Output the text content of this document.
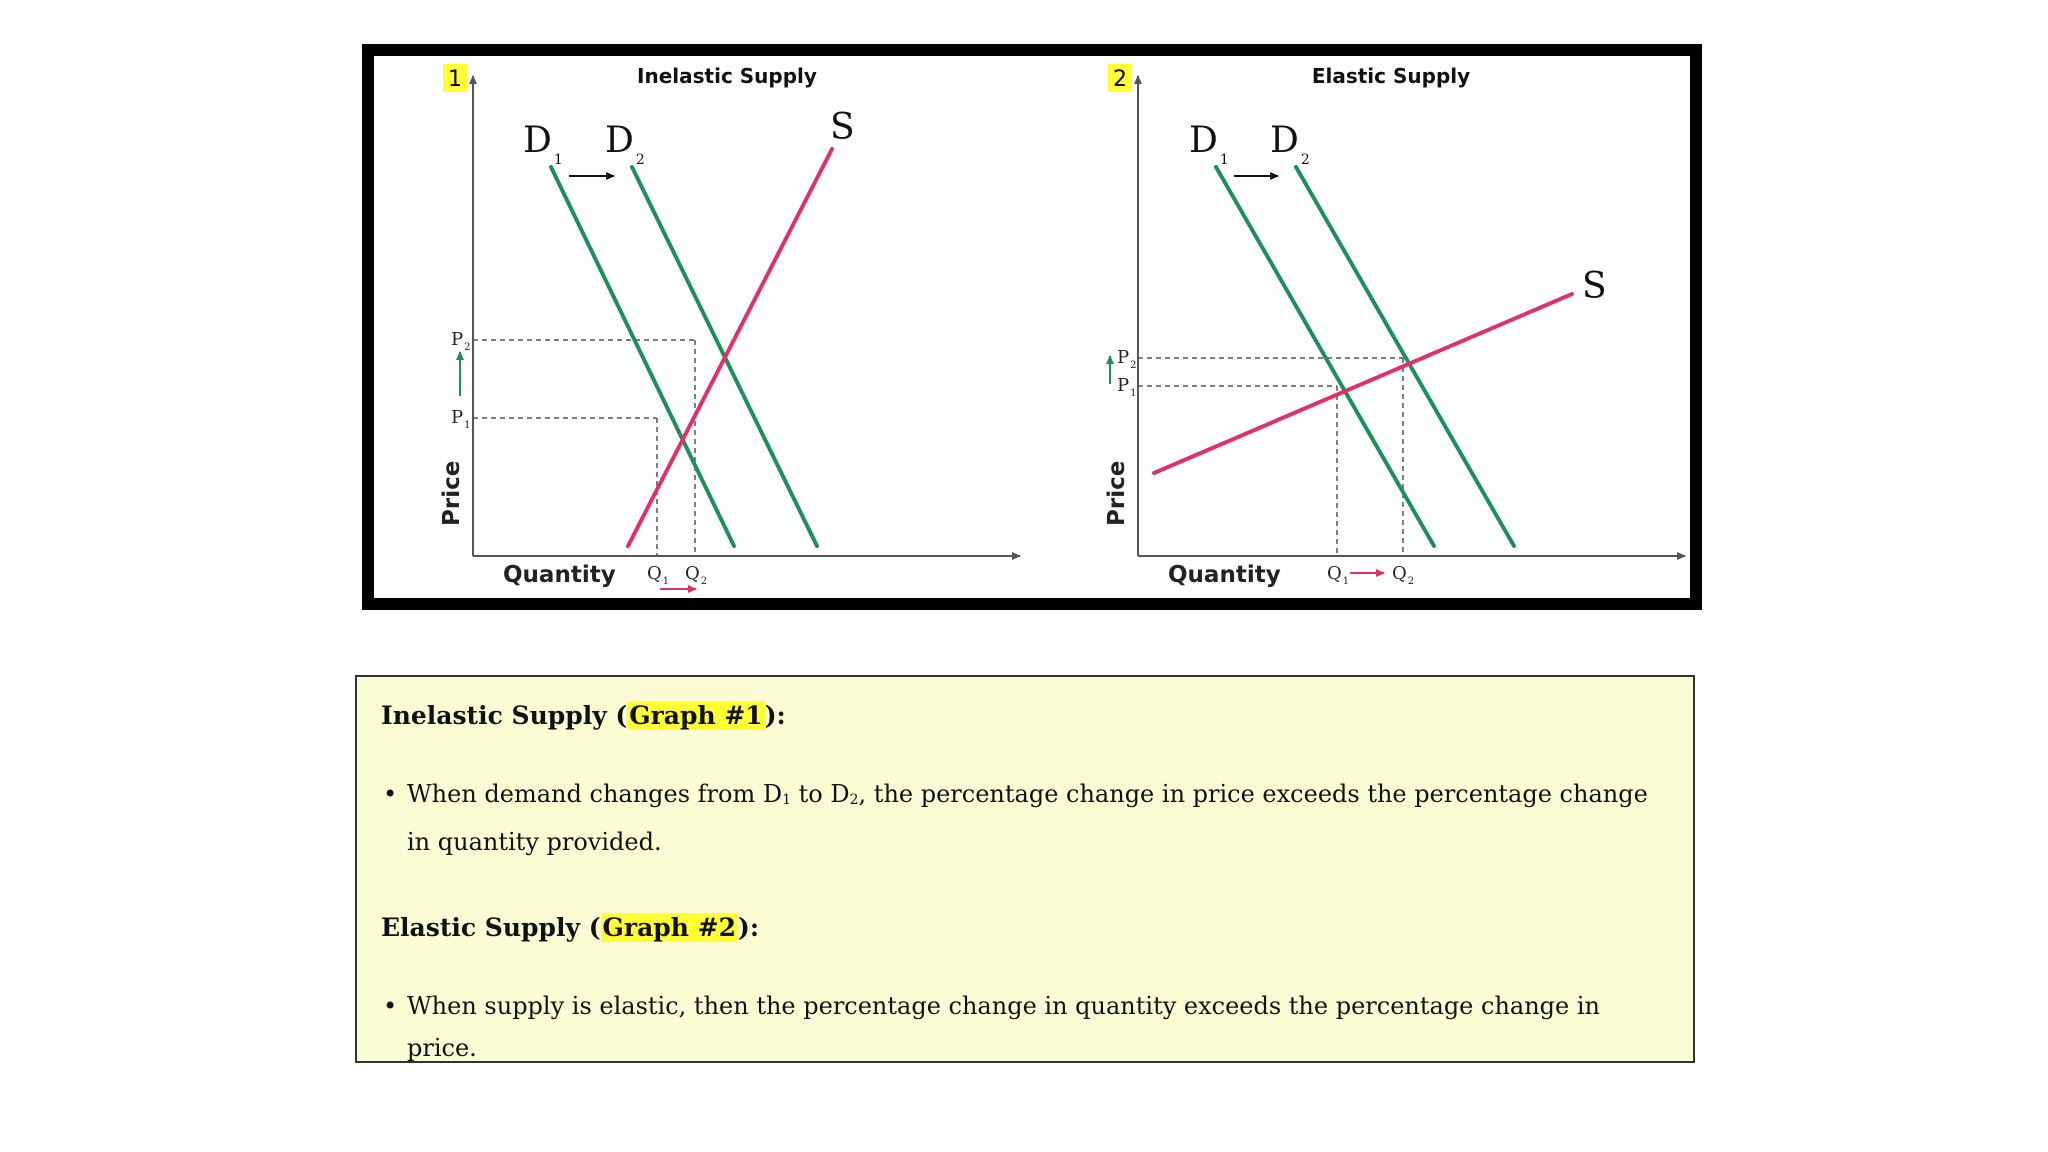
1	Inelastic Supply
D $_1$ D $_2$
S
$P_2$
$P_1$
$Q_1$ $Q_2$
Quantity
Price
2	Elastic Supply
D $_1$ D $_2$
S
$P_2$
$P_1$
$Q_1$ $Q_2$
Quantity
Price

Inelastic Supply (Graph #1):

• When demand changes from $D_1$ to $D_2$, the percentage change in price exceeds the percentage change in quantity provided.

Elastic Supply (Graph #2):

• When supply is elastic, then the percentage change in quantity exceeds the percentage change in price.
